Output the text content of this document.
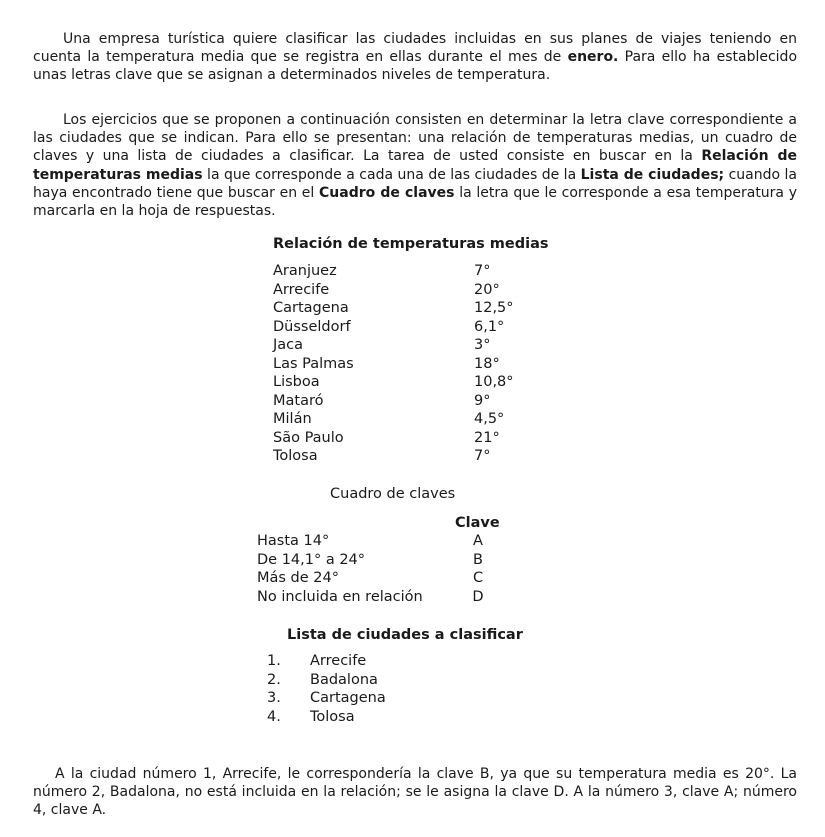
Una empresa turística quiere clasificar las ciudades incluidas en sus planes de viajes teniendo en cuenta la temperatura media que se registra en ellas durante el mes de enero. Para ello ha establecido unas letras clave que se asignan a determinados niveles de temperatura.

Los ejercicios que se proponen a continuación consisten en determinar la letra clave correspondiente a las ciudades que se indican. Para ello se presentan: una relación de temperaturas medias, un cuadro de claves y una lista de ciudades a clasificar. La tarea de usted consiste en buscar en la Relación de temperaturas medias la que corresponde a cada una de las ciudades de la Lista de ciudades; cuando la haya encontrado tiene que buscar en el Cuadro de claves la letra que le corresponde a esa temperatura y marcarla en la hoja de respuestas.

Relación de temperaturas medias
Aranjuez	7°
Arrecife	20°
Cartagena	12,5°
Düsseldorf	6,1°
Jaca	3°
Las Palmas	18°
Lisboa	10,8°
Mataró	9°
Milán	4,5°
São Paulo	21°
Tolosa	7°
Cuadro de claves
Clave
Hasta 14°	A
De 14,1° a 24°	B
Más de 24°	C
No incluida en relación	D
Lista de ciudades a clasificar
1. Arrecife
2. Badalona
3. Cartagena
4. Tolosa

A la ciudad número 1, Arrecife, le correspondería la clave B, ya que su temperatura media es 20°. La número 2, Badalona, no está incluida en la relación; se le asigna la clave D. A la número 3, clave A; número 4, clave A.
